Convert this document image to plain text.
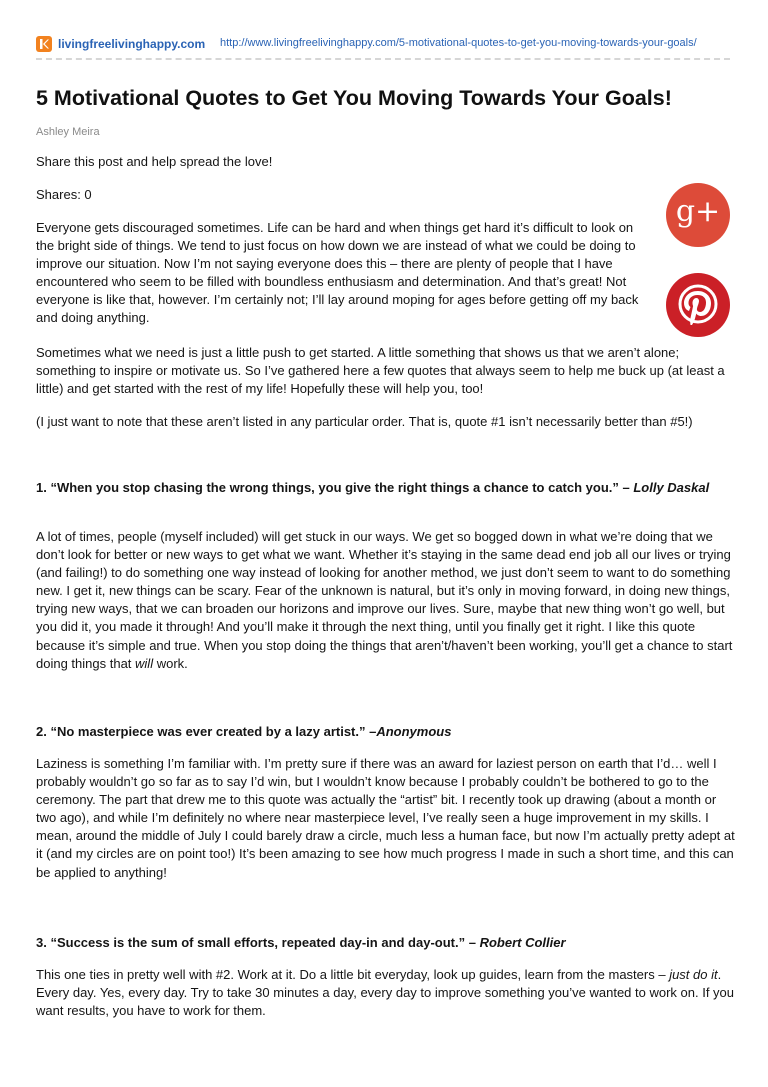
livingfreelivinghappy.com http://www.livingfreelivinghappy.com/5-motivational-quotes-to-get-you-moving-towards-your-goals/
5 Motivational Quotes to Get You Moving Towards Your Goals!
Ashley Meira

Share this post and help spread the love!

Shares: 0	g+

Everyone gets discouraged sometimes. Life can be hard and when things get hard it’s difficult to look on the bright side of things. We tend to just focus on how down we are instead of what we could be doing to improve our situation. Now I’m not saying everyone does this – there are plenty of people that I have encountered who seem to be filled with boundless enthusiasm and determination. And that’s great! Not everyone is like that, however. I’m certainly not; I’ll lay around moping for ages before getting off my back and doing anything.

Sometimes what we need is just a little push to get started. A little something that shows us that we aren’t alone; something to inspire or motivate us. So I’ve gathered here a few quotes that always seem to help me buck up (at least a little) and get started with the rest of my life! Hopefully these will help you, too!

(I just want to note that these aren’t listed in any particular order. That is, quote #1 isn’t necessarily better than #5!)

1. “When you stop chasing the wrong things, you give the right things a chance to catch you.” – Lolly Daskal

A lot of times, people (myself included) will get stuck in our ways. We get so bogged down in what we’re doing that we don’t look for better or new ways to get what we want. Whether it’s staying in the same dead end job all our lives or trying (and failing!) to do something one way instead of looking for another method, we just don’t seem to want to do something new. I get it, new things can be scary. Fear of the unknown is natural, but it’s only in moving forward, in doing new things, trying new ways, that we can broaden our horizons and improve our lives. Sure, maybe that new thing won’t go well, but you did it, you made it through! And you’ll make it through the next thing, until you finally get it right. I like this quote because it’s simple and true. When you stop doing the things that aren’t/haven’t been working, you’ll get a chance to start doing things that will work.

2. “No masterpiece was ever created by a lazy artist.” –Anonymous

Laziness is something I’m familiar with. I’m pretty sure if there was an award for laziest person on earth that I’d… well I probably wouldn’t go so far as to say I’d win, but I wouldn’t know because I probably couldn’t be bothered to go to the ceremony. The part that drew me to this quote was actually the “artist” bit. I recently took up drawing (about a month or two ago), and while I’m definitely no where near masterpiece level, I’ve really seen a huge improvement in my skills. I mean, around the middle of July I could barely draw a circle, much less a human face, but now I’m actually pretty adept at it (and my circles are on point too!) It’s been amazing to see how much progress I made in such a short time, and this can be applied to anything!

3. “Success is the sum of small efforts, repeated day-in and day-out.” – Robert Collier

This one ties in pretty well with #2. Work at it. Do a little bit everyday, look up guides, learn from the masters – just do it. Every day. Yes, every day. Try to take 30 minutes a day, every day to improve something you’ve wanted to work on. If you want results, you have to work for them.
